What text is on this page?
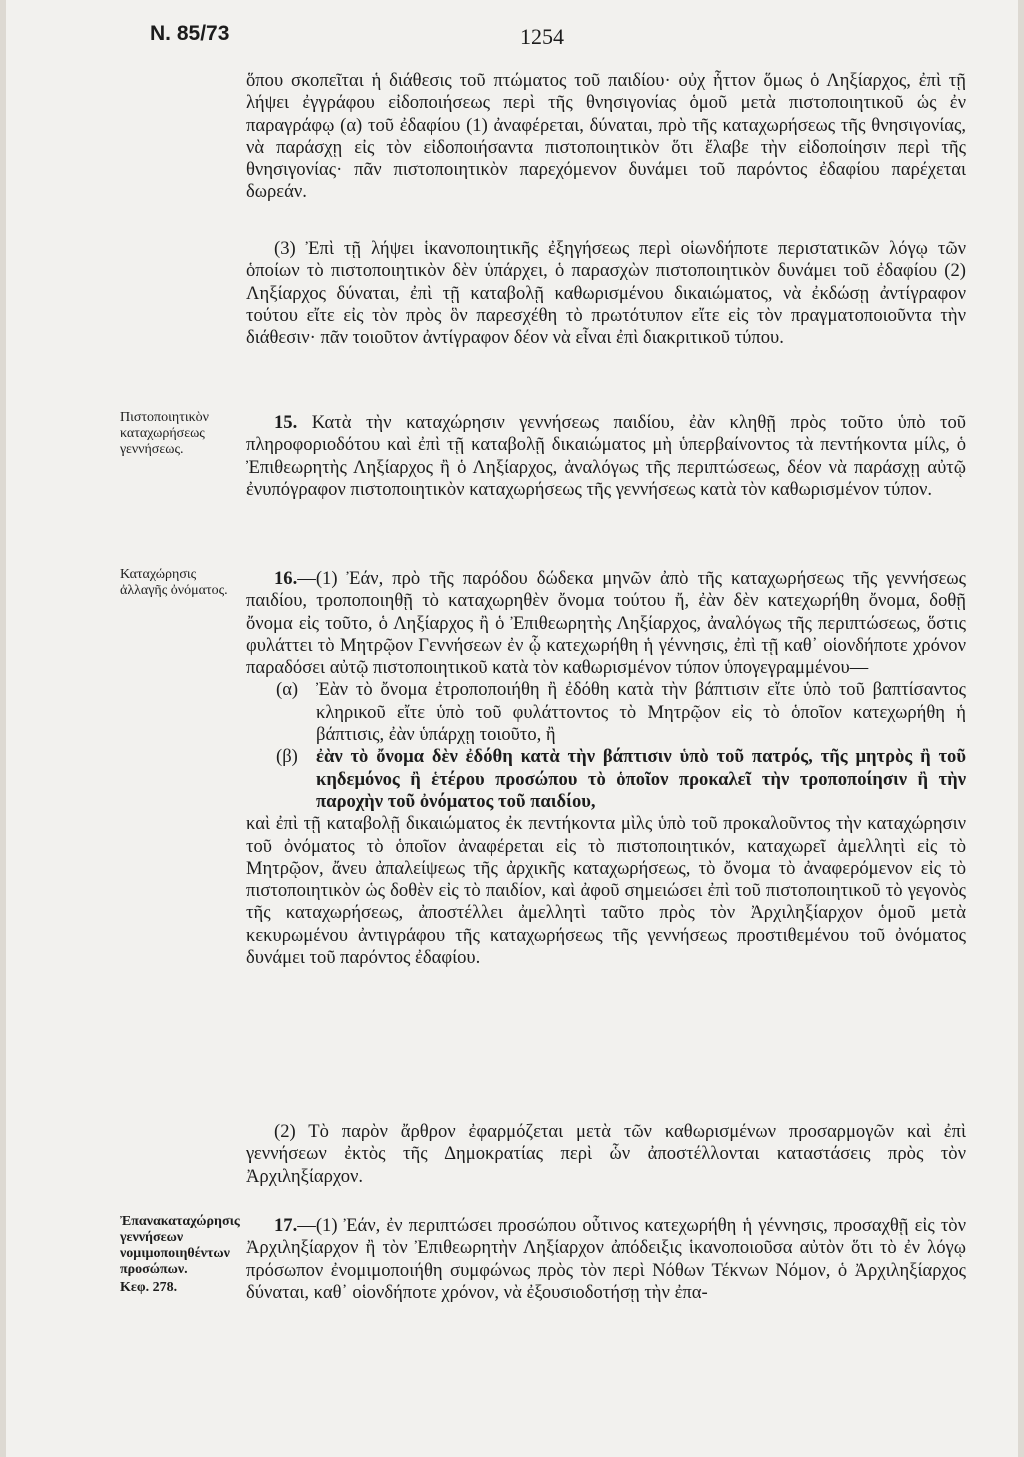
Ν. 85/73	1254

ὅπου σκοπεῖται ἡ διάθεσις τοῦ πτώματος τοῦ παιδίου· οὐχ ἧττον ὅμως ὁ Ληξίαρχος, ἐπὶ τῇ λήψει ἐγγράφου εἰδοποιήσεως περὶ τῆς θνησιγονίας ὁμοῦ μετὰ πιστοποιητικοῦ ὡς ἐν παραγράφῳ (α) τοῦ ἐδαφίου (1) ἀναφέρεται, δύναται, πρὸ τῆς καταχωρήσεως τῆς θνησιγονίας, νὰ παράσχῃ εἰς τὸν εἰδοποιήσαντα πιστοποιητικὸν ὅτι ἔλαβε τὴν εἰδοποίησιν περὶ τῆς θνησιγονίας· πᾶν πιστοποιητικὸν παρεχόμενον δυνάμει τοῦ παρόντος ἐδαφίου παρέχεται δωρεάν.

(3) Ἐπὶ τῇ λήψει ἱκανοποιητικῆς ἐξηγήσεως περὶ οἱωνδήποτε περιστατικῶν λόγῳ τῶν ὁποίων τὸ πιστοποιητικὸν δὲν ὑπάρχει, ὁ παρασχὼν πιστοποιητικὸν δυνάμει τοῦ ἐδαφίου (2) Ληξίαρχος δύναται, ἐπὶ τῇ καταβολῇ καθωρισμένου δικαιώματος, νὰ ἐκδώσῃ ἀντίγραφον τούτου εἴτε εἰς τὸν πρὸς ὃν παρεσχέθη τὸ πρωτότυπον εἴτε εἰς τὸν πραγματοποιοῦντα τὴν διάθεσιν· πᾶν τοιοῦτον ἀντίγραφον δέον νὰ εἶναι ἐπὶ διακριτικοῦ τύπου.

Πιστοποιητικὸν καταχωρήσεως γεννήσεως.

15. Κατὰ τὴν καταχώρησιν γεννήσεως παιδίου, ἐὰν κληθῇ πρὸς τοῦτο ὑπὸ τοῦ πληροφοριοδότου καὶ ἐπὶ τῇ καταβολῇ δικαιώματος μὴ ὑπερβαίνοντος τὰ πεντήκοντα μίλς, ὁ Ἐπιθεωρητὴς Ληξίαρχος ἢ ὁ Ληξίαρχος, ἀναλόγως τῆς περιπτώσεως, δέον νὰ παράσχῃ αὐτῷ ἐνυπόγραφον πιστοποιητικὸν καταχωρήσεως τῆς γεννήσεως κατὰ τὸν καθωρισμένον τύπον.

Καταχώρησις ἀλλαγῆς ὀνόματος.

16.—(1) Ἐάν, πρὸ τῆς παρόδου δώδεκα μηνῶν ἀπὸ τῆς καταχωρήσεως τῆς γεννήσεως παιδίου, τροποποιηθῇ τὸ καταχωρηθὲν ὄνομα τούτου ἤ, ἐὰν δὲν κατεχωρήθη ὄνομα, δοθῇ ὄνομα εἰς τοῦτο, ὁ Ληξίαρχος ἢ ὁ Ἐπιθεωρητὴς Ληξίαρχος, ἀναλόγως τῆς περιπτώσεως, ὅστις φυλάττει τὸ Μητρῷον Γεννήσεων ἐν ᾧ κατεχωρήθη ἡ γέννησις, ἐπὶ τῇ καθ᾽ οἱονδήποτε χρόνον παραδόσει αὐτῷ πιστοποιητικοῦ κατὰ τὸν καθωρισμένον τύπον ὑπογεγραμμένου—

(α) Ἐὰν τὸ ὄνομα ἐτροποποιήθη ἢ ἐδόθη κατὰ τὴν βάπτισιν εἴτε ὑπὸ τοῦ βαπτίσαντος κληρικοῦ εἴτε ὑπὸ τοῦ φυλάττοντος τὸ Μητρῷον εἰς τὸ ὁποῖον κατεχωρήθη ἡ βάπτισις, ἐὰν ὑπάρχῃ τοιοῦτο, ἢ

(β) ἐὰν τὸ ὄνομα δὲν ἐδόθη κατὰ τὴν βάπτισιν ὑπὸ τοῦ πατρός, τῆς μητρὸς ἢ τοῦ κηδεμόνος ἢ ἑτέρου προσώπου τὸ ὁποῖον προκαλεῖ τὴν τροποποίησιν ἢ τὴν παροχὴν τοῦ ὀνόματος τοῦ παιδίου,

καὶ ἐπὶ τῇ καταβολῇ δικαιώματος ἐκ πεντήκοντα μὶλς ὑπὸ τοῦ προκαλοῦντος τὴν καταχώρησιν τοῦ ὀνόματος τὸ ὁποῖον ἀναφέρεται εἰς τὸ πιστοποιητικόν, καταχωρεῖ ἀμελλητὶ εἰς τὸ Μητρῷον, ἄνευ ἀπαλείψεως τῆς ἀρχικῆς καταχωρήσεως, τὸ ὄνομα τὸ ἀναφερόμενον εἰς τὸ πιστοποιητικὸν ὡς δοθὲν εἰς τὸ παιδίον, καὶ ἀφοῦ σημειώσει ἐπὶ τοῦ πιστοποιητικοῦ τὸ γεγονὸς τῆς καταχωρήσεως, ἀποστέλλει ἀμελλητὶ ταῦτο πρὸς τὸν Ἀρχιληξίαρχον ὁμοῦ μετὰ κεκυρωμένου ἀντιγράφου τῆς καταχωρήσεως τῆς γεννήσεως προστιθεμένου τοῦ ὀνόματος δυνάμει τοῦ παρόντος ἐδαφίου.

(2) Τὸ παρὸν ἄρθρον ἐφαρμόζεται μετὰ τῶν καθωρισμένων προσαρμογῶν καὶ ἐπὶ γεννήσεων ἐκτὸς τῆς Δημοκρατίας περὶ ὧν ἀποστέλλονται καταστάσεις πρὸς τὸν Ἀρχιληξίαρχον.

Ἐπανακαταχώρησις γεννήσεων νομιμοποιηθέντων προσώπων.
Κεφ. 278.

17.—(1) Ἐάν, ἐν περιπτώσει προσώπου οὗτινος κατεχωρήθη ἡ γέννησις, προσαχθῇ εἰς τὸν Ἀρχιληξίαρχον ἢ τὸν Ἐπιθεωρητὴν Ληξίαρχον ἀπόδειξις ἱκανοποιοῦσα αὐτὸν ὅτι τὸ ἐν λόγῳ πρόσωπον ἐνομιμοποιήθη συμφώνως πρὸς τὸν περὶ Νόθων Τέκνων Νόμον, ὁ Ἀρχιληξίαρχος δύναται, καθ᾽ οἱονδήποτε χρόνον, νὰ ἐξουσιοδοτήσῃ τὴν ἐπα-
